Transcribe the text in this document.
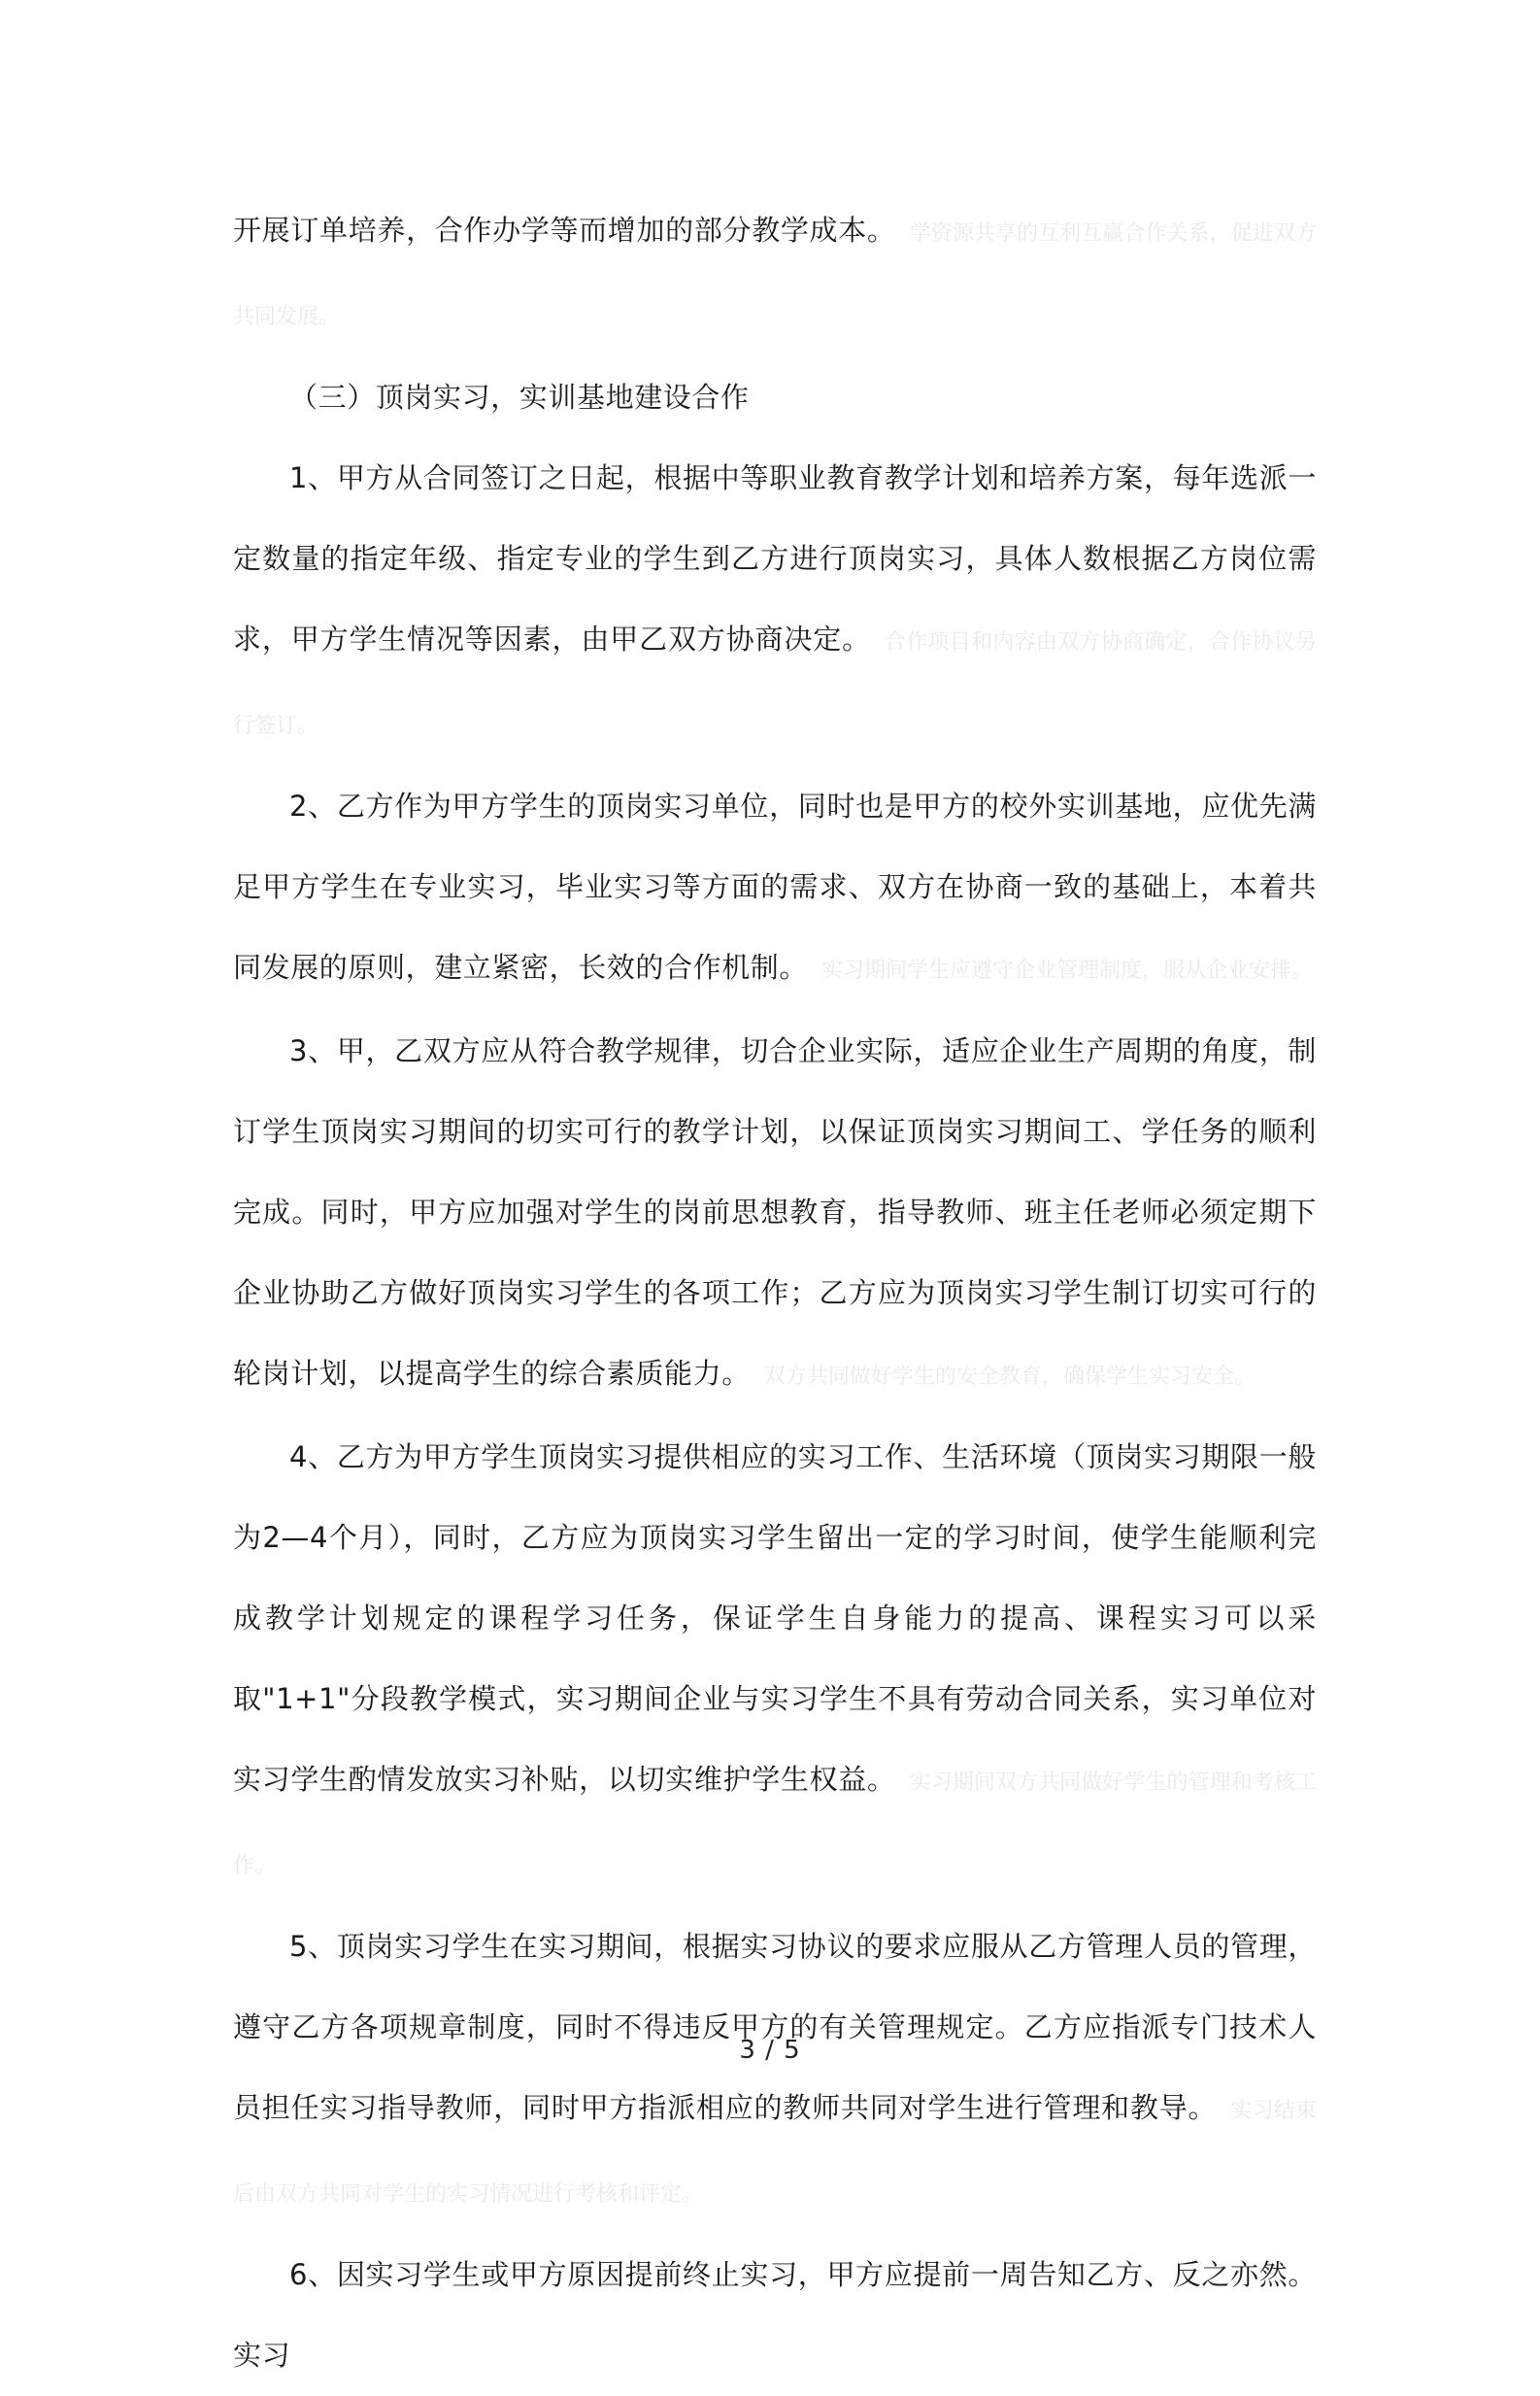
开展订单培养，合作办学等而增加的部分教学成本。 学资源共享的互利互赢合作关系，促进双方共同发展。

（三）顶岗实习，实训基地建设合作

1、甲方从合同签订之日起，根据中等职业教育教学计划和培养方案，每年选派一定数量的指定年级、指定专业的学生到乙方进行顶岗实习，具体人数根据乙方岗位需求，甲方学生情况等因素，由甲乙双方协商决定。 合作项目和内容由双方协商确定，合作协议另行签订。

2、乙方作为甲方学生的顶岗实习单位，同时也是甲方的校外实训基地，应优先满足甲方学生在专业实习，毕业实习等方面的需求、双方在协商一致的基础上，本着共同发展的原则，建立紧密，长效的合作机制。 实习期间学生应遵守企业管理制度，服从企业安排。

3、甲，乙双方应从符合教学规律，切合企业实际，适应企业生产周期的角度，制订学生顶岗实习期间的切实可行的教学计划，以保证顶岗实习期间工、学任务的顺利完成。同时，甲方应加强对学生的岗前思想教育，指导教师、班主任老师必须定期下企业协助乙方做好顶岗实习学生的各项工作；乙方应为顶岗实习学生制订切实可行的轮岗计划，以提高学生的综合素质能力。 双方共同做好学生的安全教育，确保学生实习安全。

4、乙方为甲方学生顶岗实习提供相应的实习工作、生活环境（顶岗实习期限一般为2—4个月），同时，乙方应为顶岗实习学生留出一定的学习时间，使学生能顺利完成教学计划规定的课程学习任务，保证学生自身能力的提高、课程实习可以采取"1+1"分段教学模式，实习期间企业与实习学生不具有劳动合同关系，实习单位对实习学生酌情发放实习补贴，以切实维护学生权益。 实习期间双方共同做好学生的管理和考核工作。

5、顶岗实习学生在实习期间，根据实习协议的要求应服从乙方管理人员的管理，遵守乙方各项规章制度，同时不得违反甲方的有关管理规定。乙方应指派专门技术人员担任实习指导教师，同时甲方指派相应的教师共同对学生进行管理和教导。 实习结束后由双方共同对学生的实习情况进行考核和评定。

6、因实习学生或甲方原因提前终止实习，甲方应提前一周告知乙方、反之亦然。实习

3 / 5
